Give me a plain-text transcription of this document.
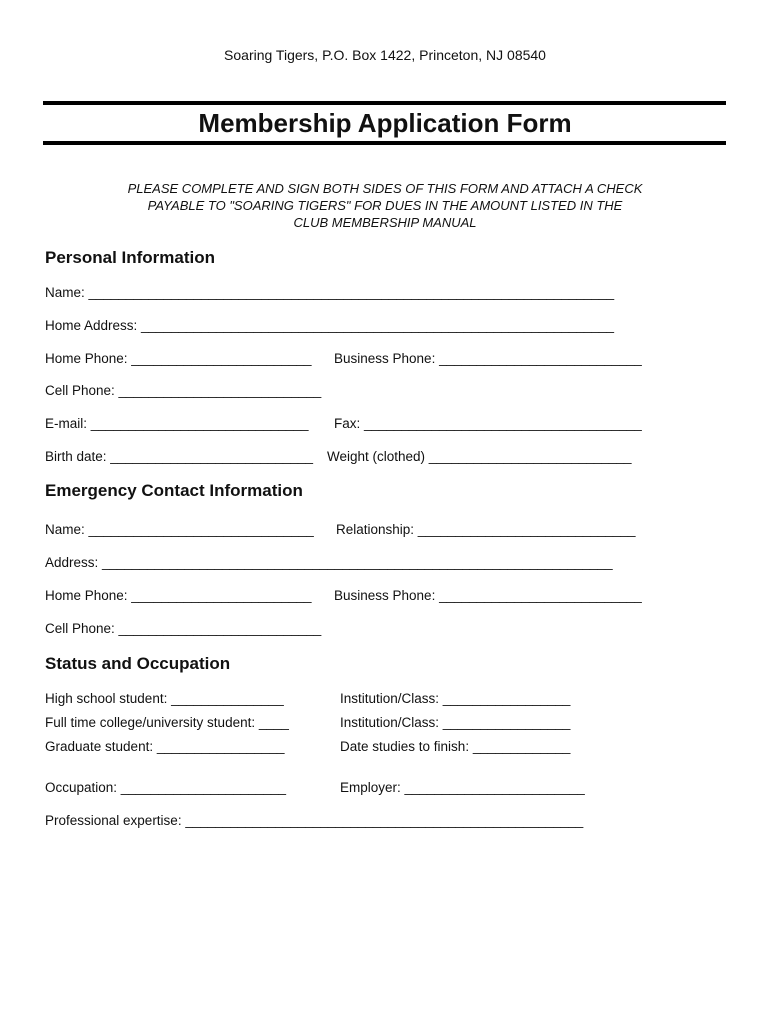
Soaring Tigers, P.O. Box 1422, Princeton, NJ 08540
Membership Application Form
PLEASE COMPLETE AND SIGN BOTH SIDES OF THIS FORM AND ATTACH A CHECK
PAYABLE TO "SOARING TIGERS" FOR DUES IN THE AMOUNT LISTED IN THE
CLUB MEMBERSHIP MANUAL
Personal Information
Name: ______________________________________________________________________
Home Address: _______________________________________________________________
Home Phone: ________________________ Business Phone: ___________________________
Cell Phone: ___________________________
E-mail: _____________________________ Fax: _____________________________________
Birth date: ___________________________ Weight (clothed) ___________________________
Emergency Contact Information
Name: ______________________________ Relationship: _____________________________
Address: ____________________________________________________________________
Home Phone: ________________________ Business Phone: ___________________________
Cell Phone: ___________________________
Status and Occupation
High school student: _______________	Institution/Class: _________________
Full time college/university student: ____	Institution/Class: _________________
Graduate student: _________________	Date studies to finish: _____________
Occupation: ______________________	Employer: ________________________
Professional expertise: _____________________________________________________
